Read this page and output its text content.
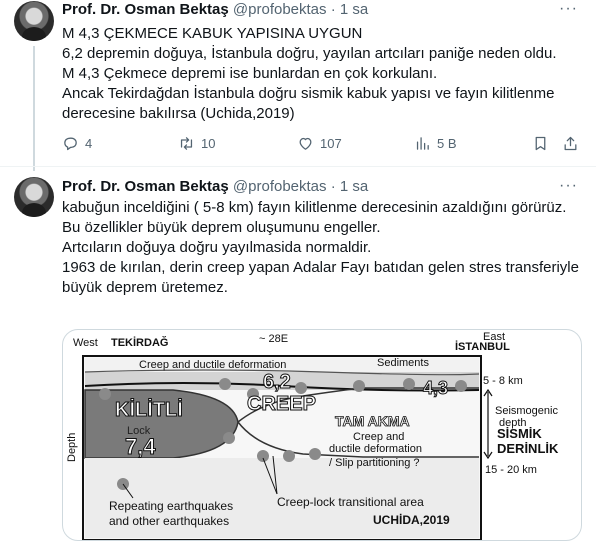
Prof. Dr. Osman Bektaş @profobektas · 1 sa	···
M 4,3 ÇEKMECE KABUK YAPISINA UYGUN
6,2 depremin doğuya, İstanbula doğru, yayılan artcıları paniğe neden oldu.
M 4,3 Çekmece depremi ise bunlardan en çok korkulanı.
Ancak Tekirdağdan İstanbula doğru sismik kabuk yapısı ve fayın kilitlenme derecesine bakılırsa (Uchida,2019)
4	10	107	5 B
Prof. Dr. Osman Bektaş @profobektas · 1 sa	···
kabuğun inceldiğini ( 5-8 km) fayın kilitlenme derecesinin azaldığını görürüz.
Bu özellikler büyük deprem oluşumunu engeller.
Artcıların doğuya doğru yayılmasida normaldir.
1963 de kırılan, derin creep yapan Adalar Fayı batıdan gelen stres transferiyle büyük deprem üretemez.
West TEKİRDAĞ	~ 28E	East
İSTANBUL
Creep and ductile deformation	Sediments
KİLİTLİ
Lock
7,4
6,2
CREEP
4,3
TAM AKMA
Creep and
ductile deformation
/ Slip partitioning ?
5 - 8 km
Seismogenic
depth
SİSMİK
DERİNLİK
15 - 20 km
Depth
Repeating earthquakes
and other earthquakes
Creep-lock transitional area
UCHİDA,2019
